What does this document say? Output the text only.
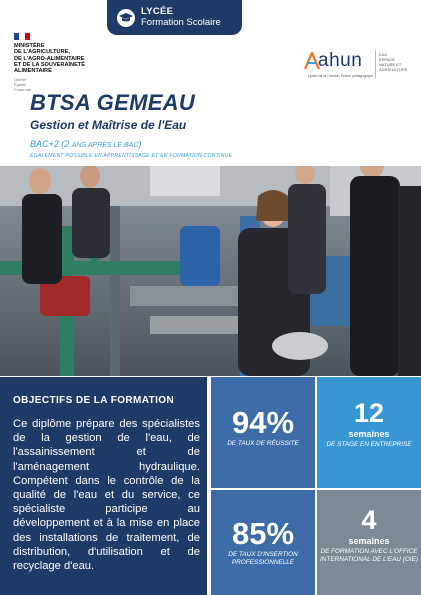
LYCÉE
Formation Scolaire
MINISTÈRE
DE L'AGRICULTURE,
DE L'AGRO-ALIMENTAIRE
ET DE LA SOUVERAINETÉ
ALIMENTAIRE
Liberté
Égalité
Fraternité
ahun
Lycée de la Creuse, Ferme pédagogique
EAU
ESPACE
NATURE ET
AGRICULTURE
BTSA GEMEAU
Gestion et Maîtrise de l'Eau
BAC+2 (2 ANS APRÈS LE BAC)
ÉGALEMENT POSSIBLE EN APPRENTISSAGE ET EN FORMATION CONTINUE
OBJECTIFS DE LA FORMATION

Ce diplôme prépare des spécialistes de la gestion de l'eau, de l'assainissement et de l'aménagement hydraulique. Compétent dans le contrôle de la qualité de l'eau et du service, ce spécialiste participe au développement et à la mise en place des installations de traitement, de distribution, d'utilisation et de recyclage d'eau.

94%
DE TAUX DE RÉUSSITE
12
semaines
DE STAGE EN ENTREPRISE
85%
DE TAUX D'INSERTION PROFESSIONNELLE
4
semaines
DE FORMATION AVEC L'OFFICE INTERNATIONAL DE L'EAU (OIE)
